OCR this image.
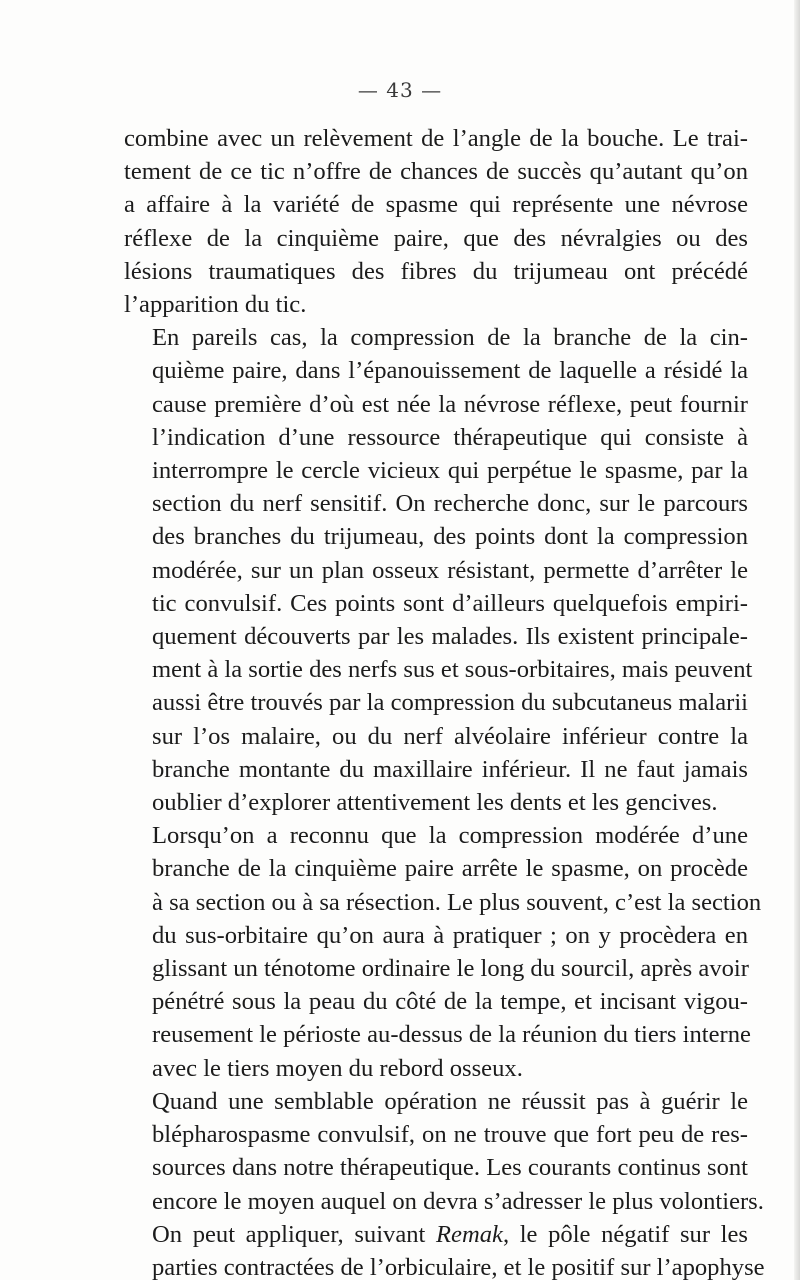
— 43 —

combine avec un relèvement de l’angle de la bouche. Le trai-
tement de ce tic n’offre de chances de succès qu’autant qu’on
a affaire à la variété de spasme qui représente une névrose
réflexe de la cinquième paire, que des névralgies ou des
lésions traumatiques des fibres du trijumeau ont précédé
l’apparition du tic.

En pareils cas, la compression de la branche de la cin-
quième paire, dans l’épanouissement de laquelle a résidé la
cause première d’où est née la névrose réflexe, peut fournir
l’indication d’une ressource thérapeutique qui consiste à
interrompre le cercle vicieux qui perpétue le spasme, par la
section du nerf sensitif. On recherche donc, sur le parcours
des branches du trijumeau, des points dont la compression
modérée, sur un plan osseux résistant, permette d’arrêter le
tic convulsif. Ces points sont d’ailleurs quelquefois empiri-
quement découverts par les malades. Ils existent principale-
ment à la sortie des nerfs sus et sous-orbitaires, mais peuvent
aussi être trouvés par la compression du subcutaneus malarii
sur l’os malaire, ou du nerf alvéolaire inférieur contre la
branche montante du maxillaire inférieur. Il ne faut jamais
oublier d’explorer attentivement les dents et les gencives.

Lorsqu’on a reconnu que la compression modérée d’une
branche de la cinquième paire arrête le spasme, on procède
à sa section ou à sa résection. Le plus souvent, c’est la section
du sus-orbitaire qu’on aura à pratiquer ; on y procèdera en
glissant un ténotome ordinaire le long du sourcil, après avoir
pénétré sous la peau du côté de la tempe, et incisant vigou-
reusement le périoste au-dessus de la réunion du tiers interne
avec le tiers moyen du rebord osseux.

Quand une semblable opération ne réussit pas à guérir le
blépharospasme convulsif, on ne trouve que fort peu de res-
sources dans notre thérapeutique. Les courants continus sont
encore le moyen auquel on devra s’adresser le plus volontiers.
On peut appliquer, suivant Remak, le pôle négatif sur les
parties contractées de l’orbiculaire, et le positif sur l’apophyse
